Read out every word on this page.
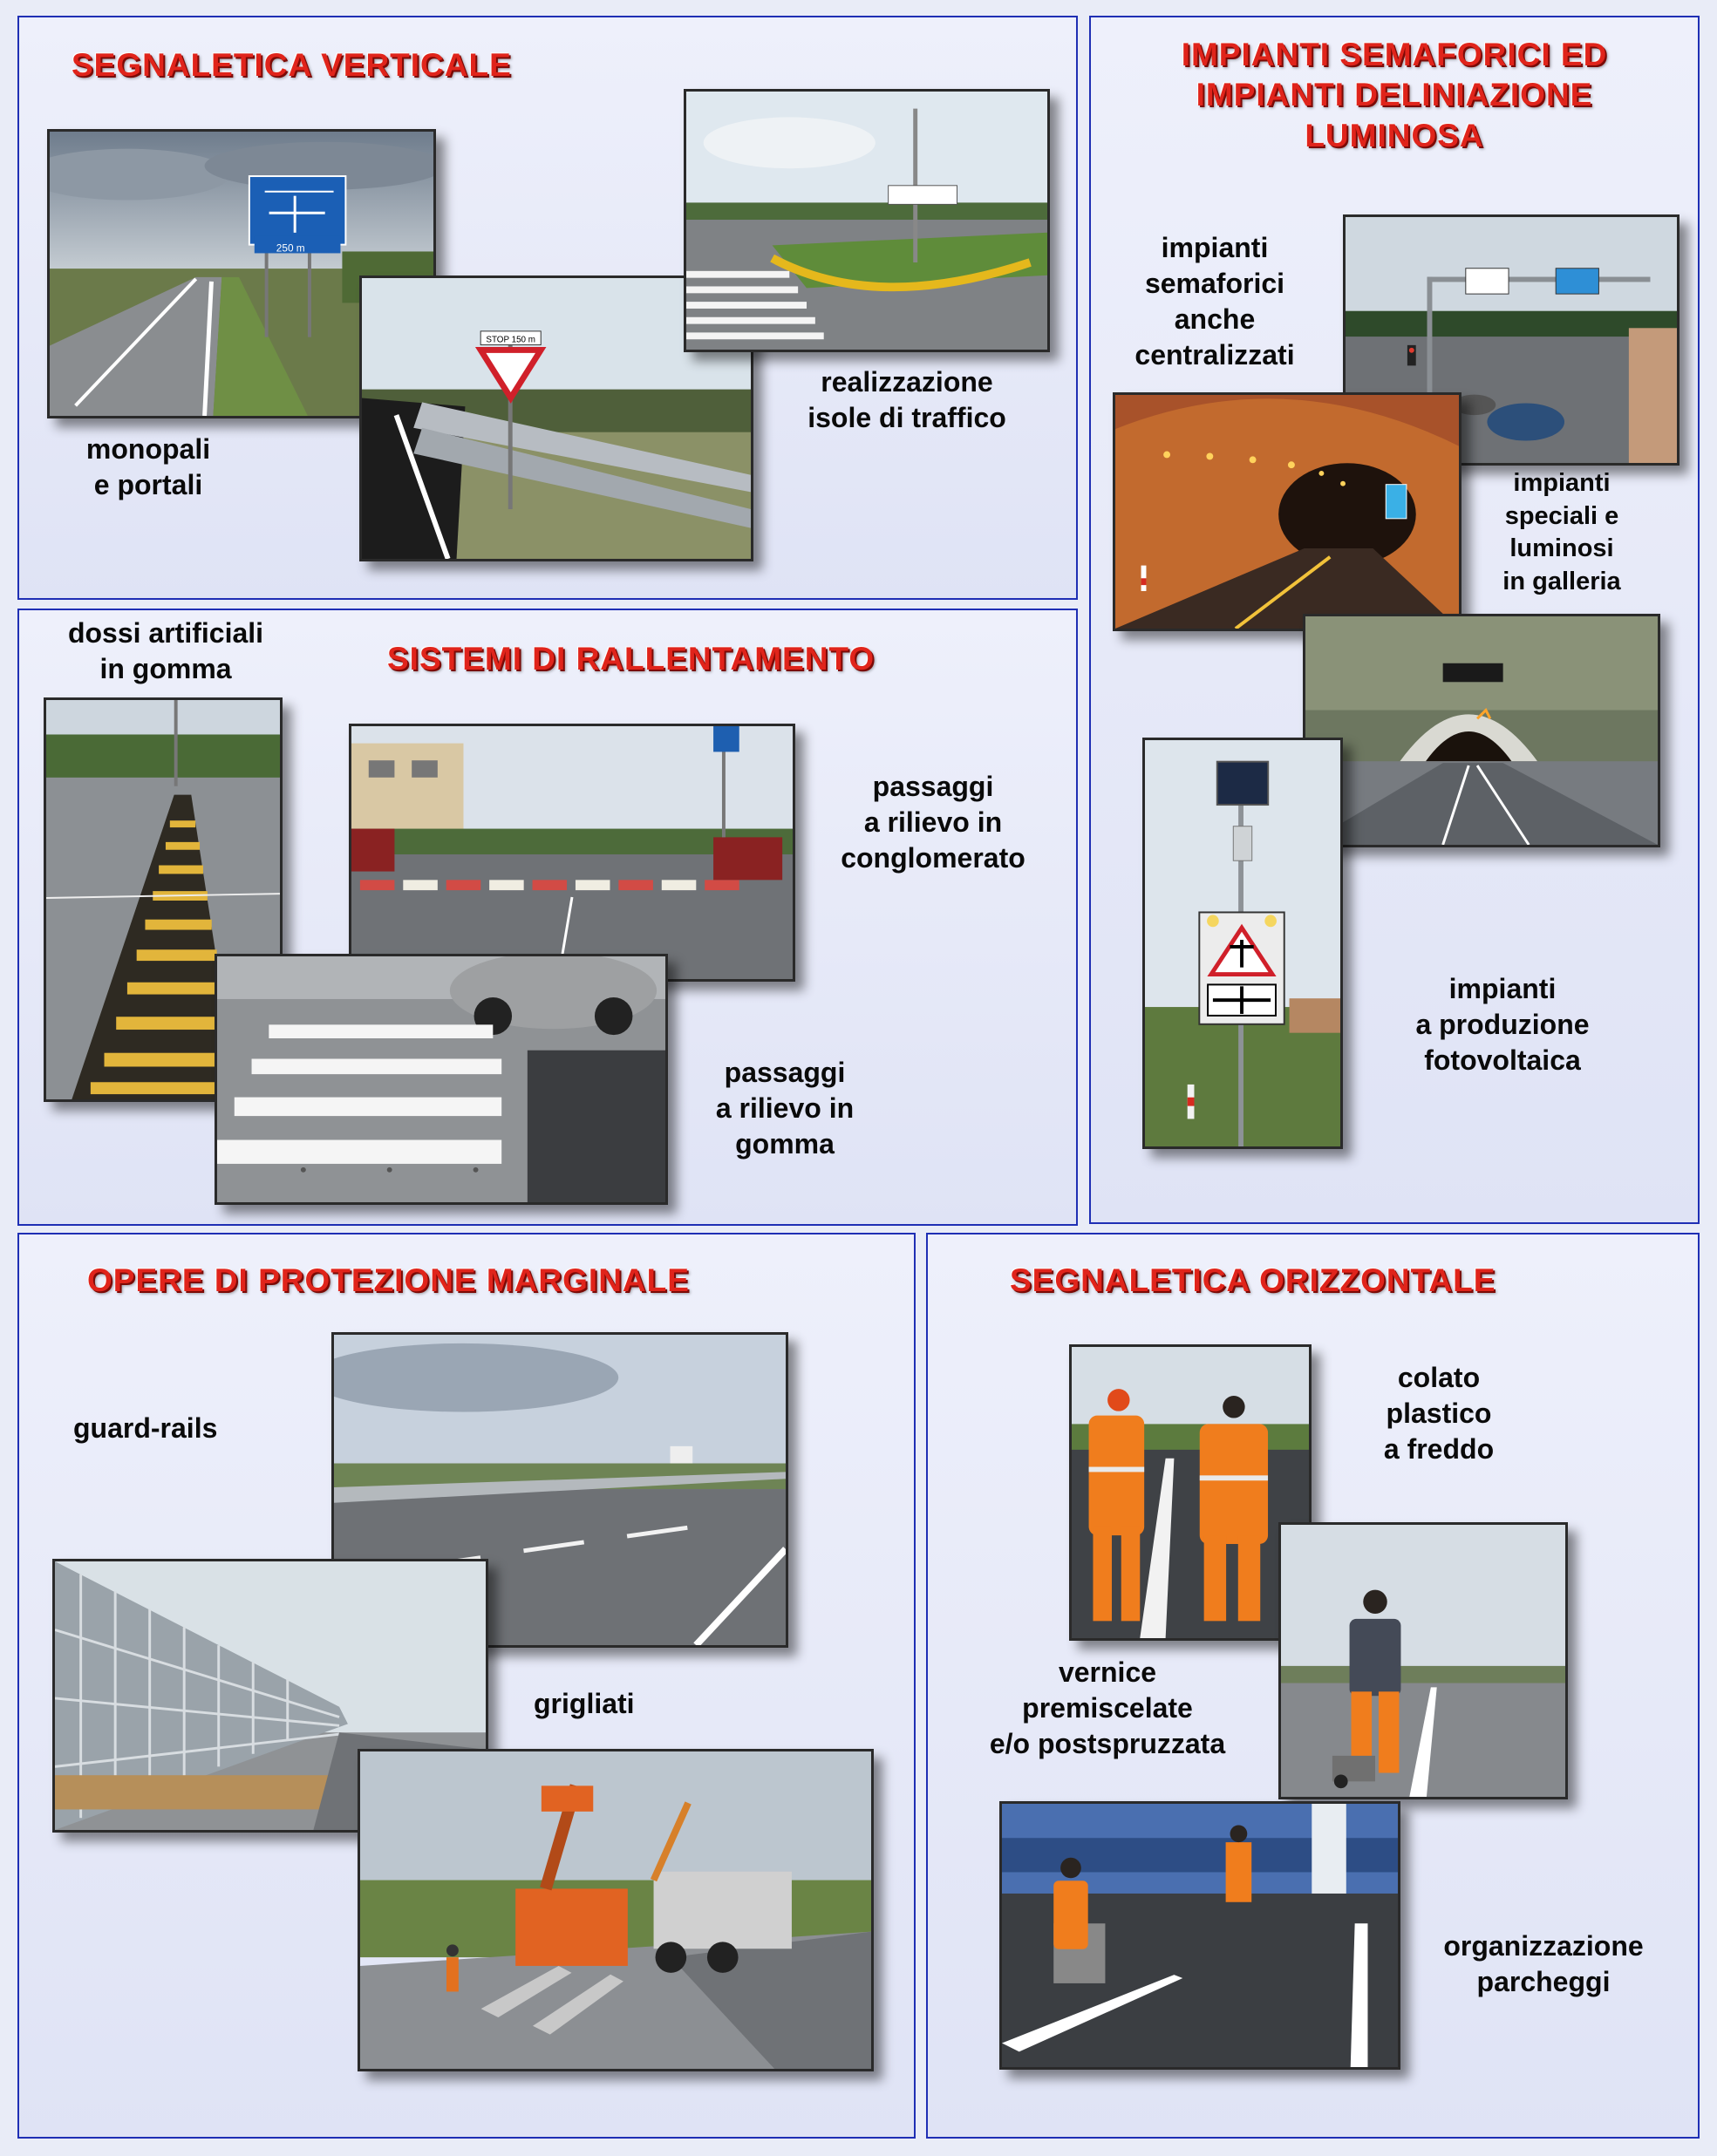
SEGNALETICA VERTICALE
250 m

monopali
e portali

STOP 150 m

realizzazione
isole di traffico

IMPIANTI SEMAFORICI ED
IMPIANTI DELINIAZIONE
LUMINOSA

impianti
semaforici
anche
centralizzati

impianti
speciali e
luminosi
in galleria

impianti
a produzione
fotovoltaica

dossi artificiali
in gomma	SISTEMI DI RALLENTAMENTO

passaggi
a rilievo in
conglomerato

passaggi
a rilievo in
gomma

OPERE DI PROTEZIONE MARGINALE

guard-rails

grigliati

SEGNALETICA ORIZZONTALE

colato
plastico
a freddo

vernice
premiscelate
e/o postspruzzata

organizzazione
parcheggi
